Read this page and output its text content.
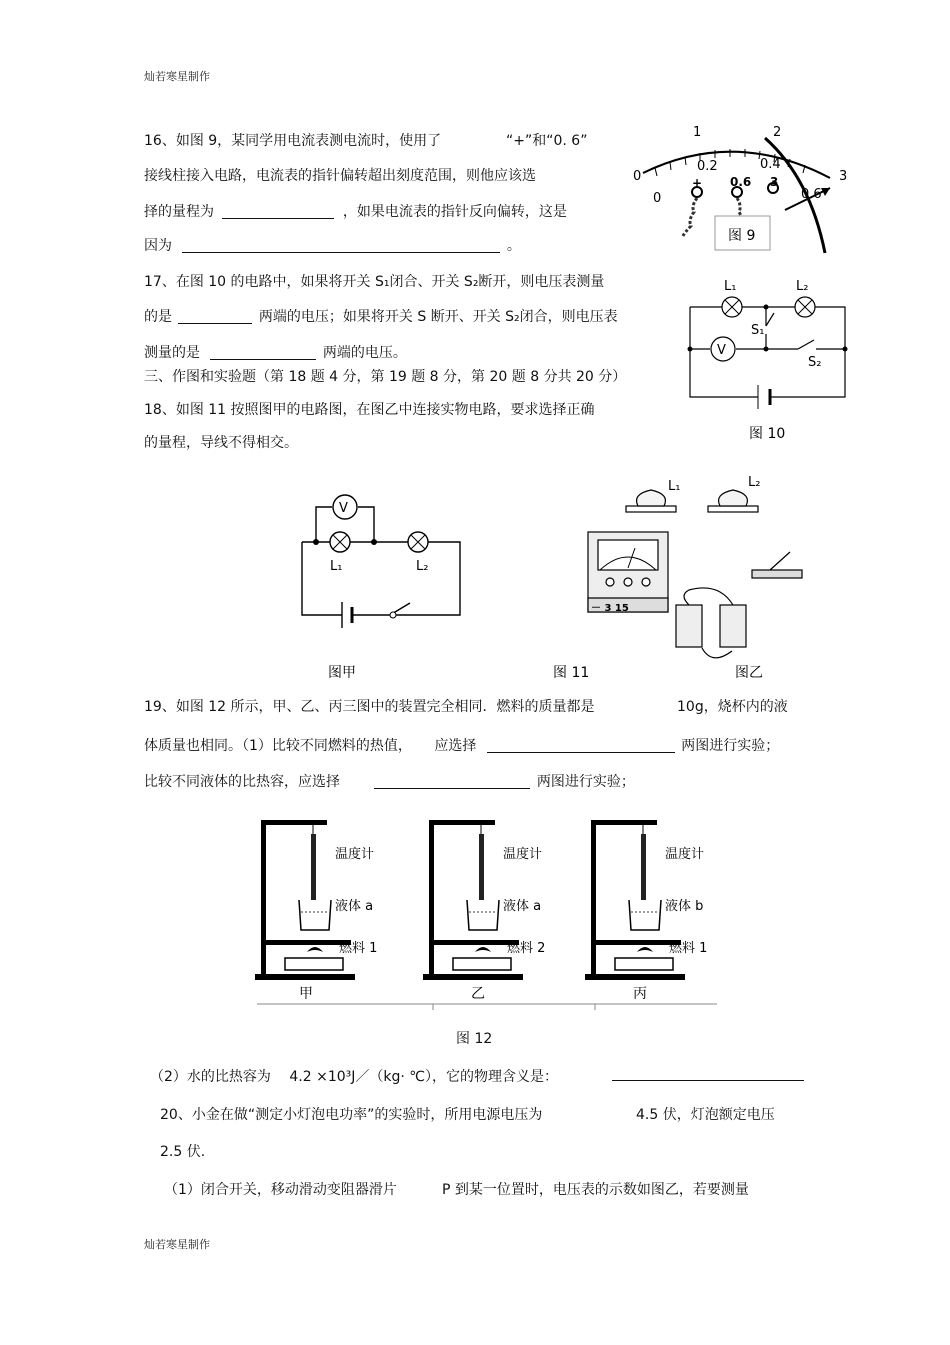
灿若寒星制作
灿若寒星制作
16、如图 9，某同学用电流表测电流时，使用了	“+”和“0. 6”
接线柱接入电路，电流表的指针偏转超出刻度范围，则他应该选
择的量程为	，如果电流表的指针反向偏转，这是
因为	。
1	2
0.2	0.4
0
0
3
0.6
+ 0.6 3
图 9
17、在图 10 的电路中，如果将开关 S₁闭合、开关 S₂断开，则电压表测量
的是	两端的电压；如果将开关 S 断开、开关 S₂闭合，则电压表
测量的是	两端的电压。	V
L₁	L₂
S₁
S₂
图 10
三、作图和实验题（第 18 题 4 分，第 19 题 8 分，第 20 题 8 分共 20 分）
18、如图 11 按照图甲的电路图，在图乙中连接实物电路，要求选择正确
的量程，导线不得相交。
V
L₁	L₂
图甲	图 11	图乙
L₁	L₂
－ 3 15
19、如图 12 所示，甲、乙、丙三图中的装置完全相同．燃料的质量都是	10g，烧杯内的液
体质量也相同。（1）比较不同燃料的热值， 应选择	两图进行实验；
比较不同液体的比热容，应选择	两图进行实验；
温度计
液体 a
燃料 1
甲
温度计
液体 a
燃料 2
乙
温度计
液体 b
燃料 1
丙
图 12
（2）水的比热容为 4.2 ×10³J／（kg· ℃），它的物理含义是：
20、小金在做“测定小灯泡电功率”的实验时，所用电源电压为	4.5 伏，灯泡额定电压
2.5 伏.
（1）闭合开关，移动滑动变阻器滑片	P 到某一位置时，电压表的示数如图乙，若要测量
